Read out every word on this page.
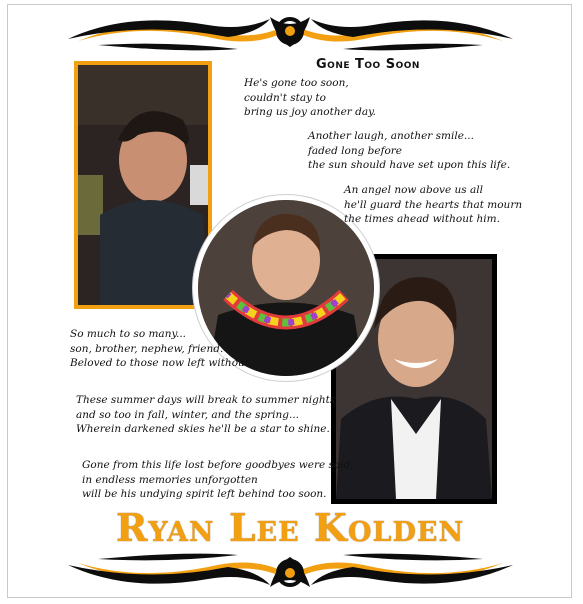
Gone Too Soon
He's gone too soon,
couldn't stay to
bring us joy another day.
Another laugh, another smile...
faded long before
the sun should have set upon this life.
An angel now above us all
he'll guard the hearts that mourn
the times ahead without him.
So much to so many...
son, brother, nephew, friend.
Beloved to those now left without.
These summer days will break to summer nights
and so too in fall, winter, and the spring...
Wherein darkened skies he'll be a star to shine.
Gone from this life lost before goodbyes were said,
in endless memories unforgotten
will be his undying spirit left behind too soon.
Ryan Lee Kolden
